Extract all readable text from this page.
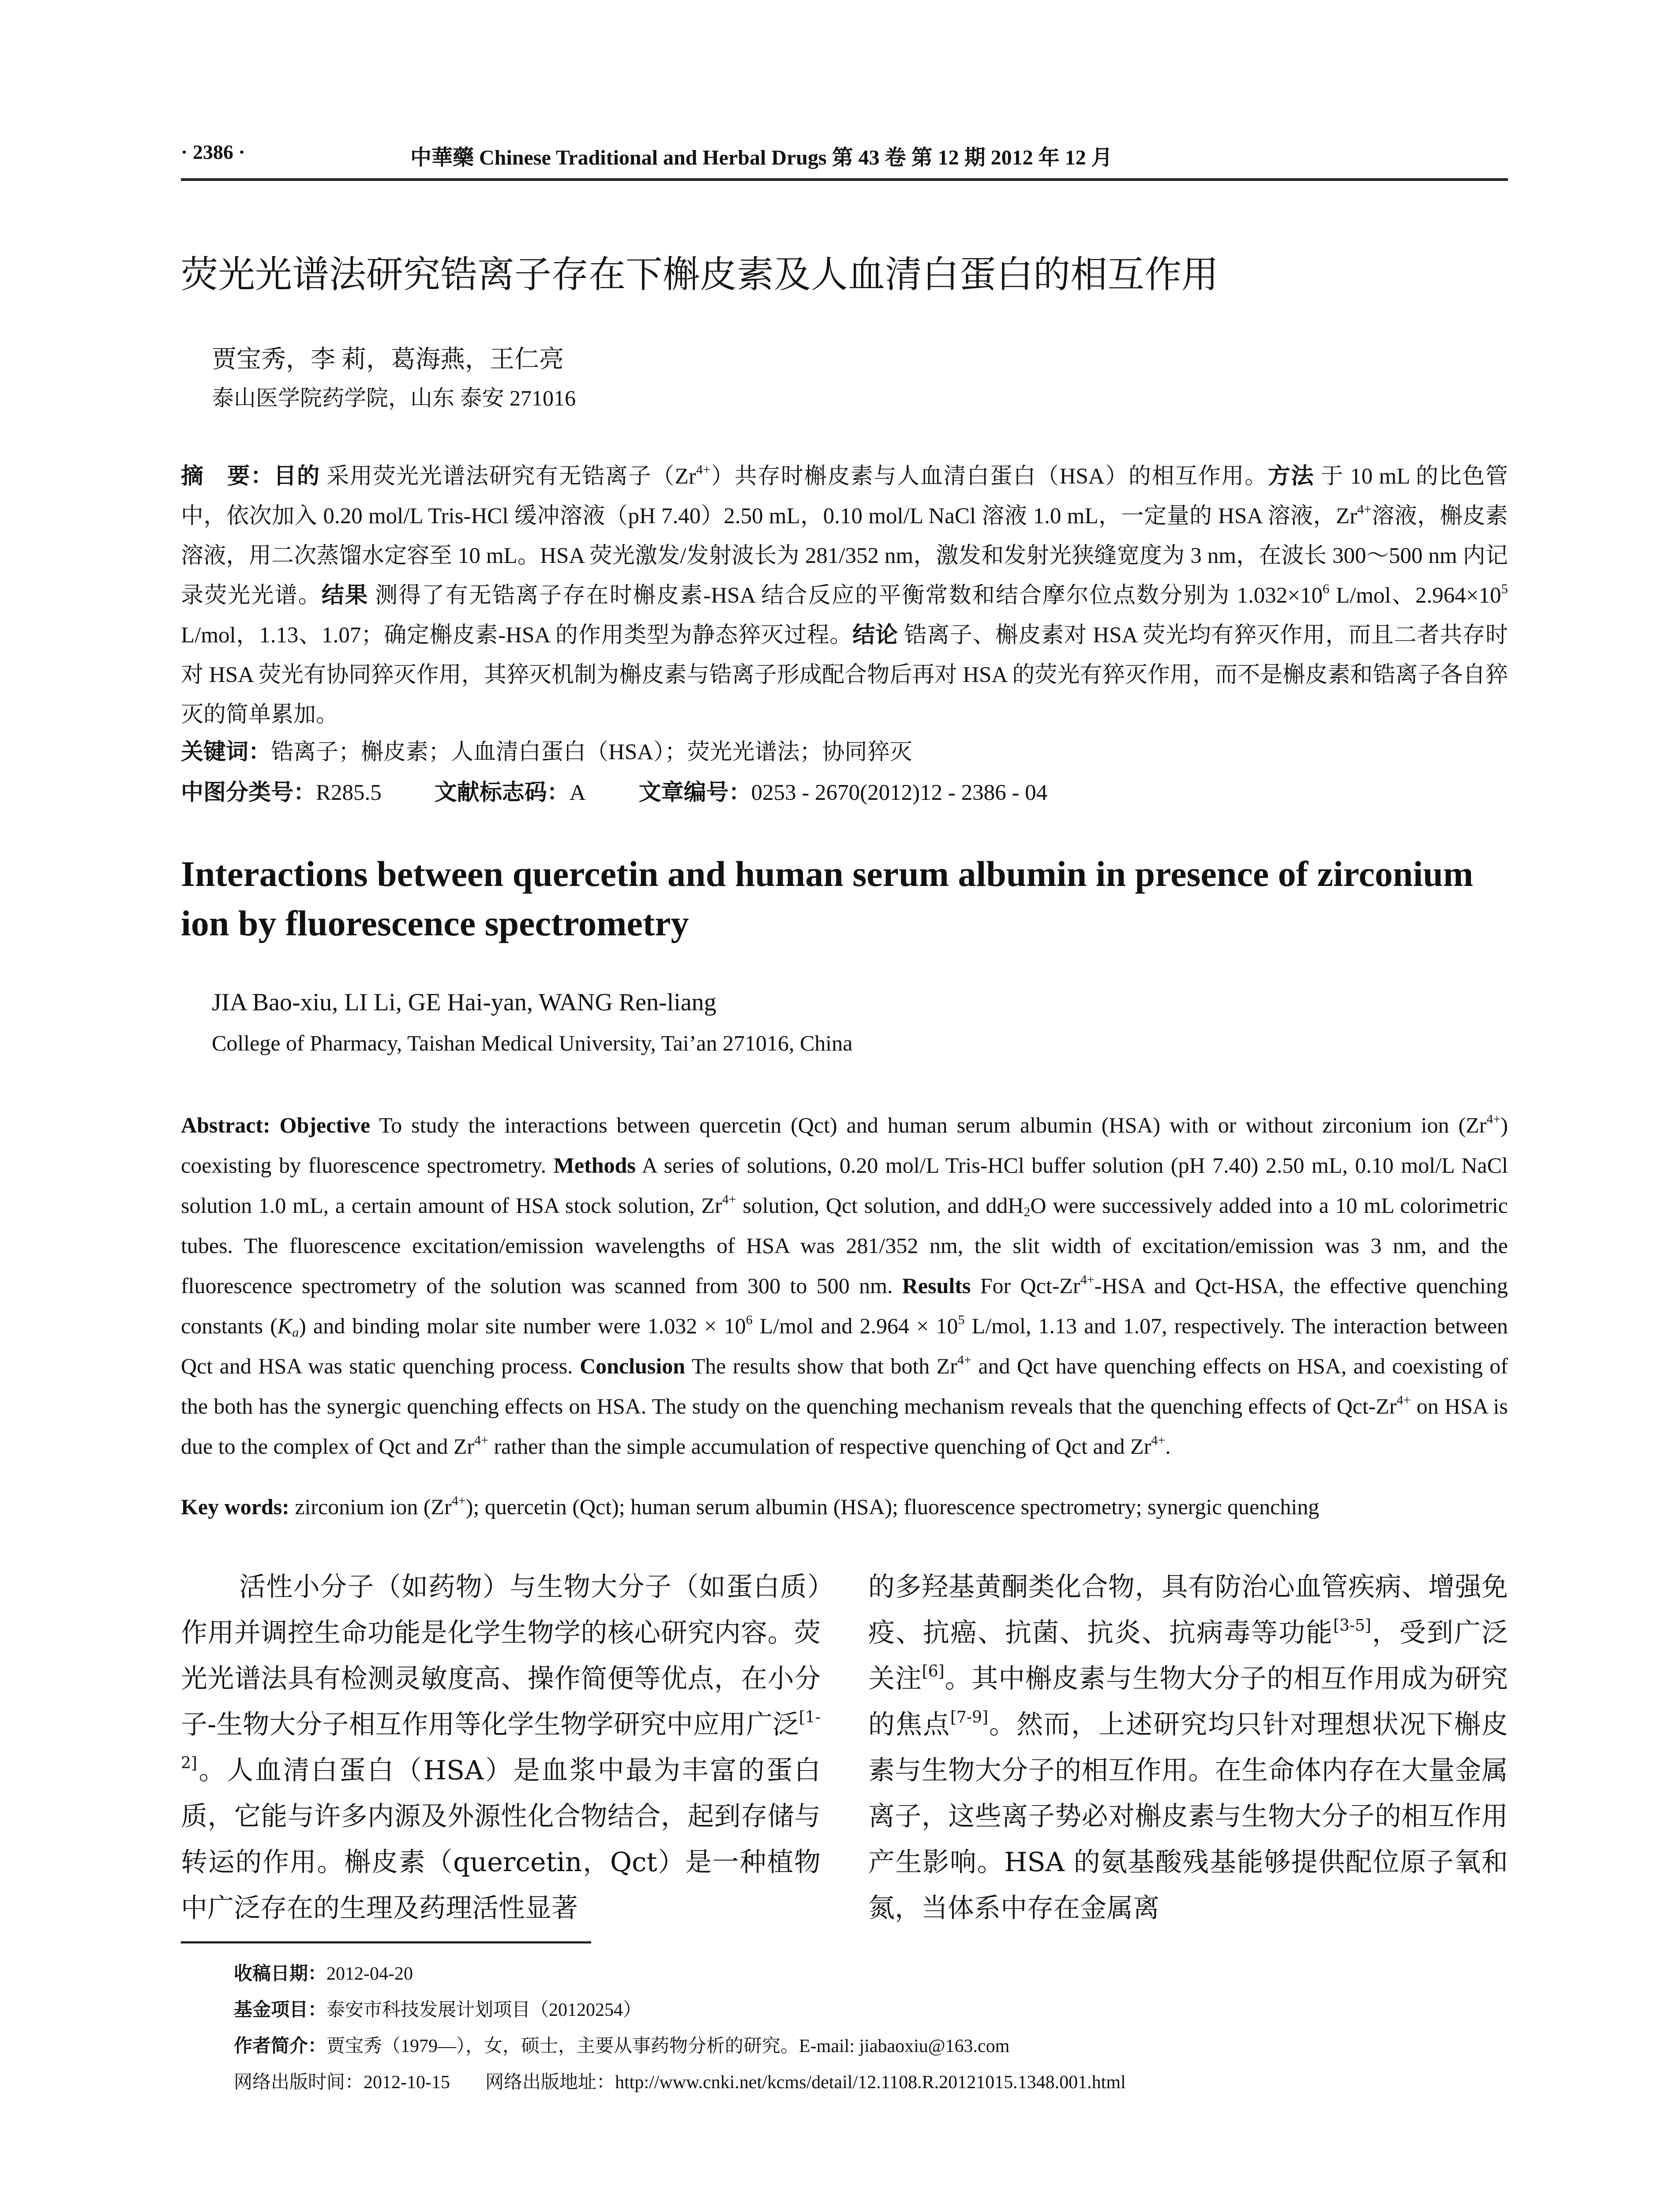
· 2386 ·	中華藥 Chinese Traditional and Herbal Drugs 第 43 卷 第 12 期 2012 年 12 月
荧光光谱法研究锆离子存在下槲皮素及人血清白蛋白的相互作用
贾宝秀，李 莉，葛海燕，王仁亮
泰山医学院药学院，山东 泰安 271016
摘　要：目的 采用荧光光谱法研究有无锆离子$(Zr^{4+})$共存时槲皮素与人血清白蛋白（HSA）的相互作用。方法 于 10 mL 的比色管中，依次加入 0.20 mol/L Tris-HCl 缓冲溶液（pH 7.40）2.50 mL，0.10 mol/L NaCl 溶液 1.0 mL，一定量的 HSA 溶液，$Zr^{4+}$溶液，槲皮素溶液，用二次蒸馏水定容至 10 mL。HSA 荧光激发/发射波长为 281/352 nm，激发和发射光狭缝宽度为 3 nm，在波长 300～500 nm 内记录荧光光谱。结果 测得了有无锆离子存在时槲皮素-HSA 结合反应的平衡常数和结合摩尔位点数分别为 $1.032\times 10^6$ L/mol、$2.964\times 10^5$ L/mol，1.13、1.07；确定槲皮素-HSA 的作用类型为静态猝灭过程。结论 锆离子、槲皮素对 HSA 荧光均有猝灭作用，而且二者共存时对 HSA 荧光有协同猝灭作用，其猝灭机制为槲皮素与锆离子形成配合物后再对 HSA 的荧光有猝灭作用，而不是槲皮素和锆离子各自猝灭的简单累加。
关键词：锆离子；槲皮素；人血清白蛋白（HSA）；荧光光谱法；协同猝灭
中图分类号：R285.5 文献标志码：A 文章编号：0253 - 2670(2012)12 - 2386 - 04
Interactions between quercetin and human serum albumin in presence of zirconium ion by fluorescence spectrometry
JIA Bao-xiu, LI Li, GE Hai-yan, WANG Ren-liang
College of Pharmacy, Taishan Medical University, Tai’an 271016, China
Abstract: Objective To study the interactions between quercetin (Qct) and human serum albumin (HSA) with or without zirconium ion $(Zr^{4+})$ coexisting by fluorescence spectrometry. Methods A series of solutions, 0.20 mol/L Tris-HCl buffer solution (pH 7.40) 2.50 mL, 0.10 mol/L NaCl solution 1.0 mL, a certain amount of HSA stock solution, $Zr^{4+}$ solution, Qct solution, and ddH$_2$O were successively added into a 10 mL colorimetric tubes. The fluorescence excitation/emission wavelengths of HSA was 281/352 nm, the slit width of excitation/emission was 3 nm, and the fluorescence spectrometry of the solution was scanned from 300 to 500 nm. Results For Qct-$Zr^{4+}$-HSA and Qct-HSA, the effective quenching constants $(K_a)$ and binding molar site number were $1.032 \times 10^6$ L/mol and $2.964 \times 10^5$ L/mol, 1.13 and 1.07, respectively. The interaction between Qct and HSA was static quenching process. Conclusion The results show that both $Zr^{4+}$ and Qct have quenching effects on HSA, and coexisting of the both has the synergic quenching effects on HSA. The study on the quenching mechanism reveals that the quenching effects of Qct-$Zr^{4+}$ on HSA is due to the complex of Qct and $Zr^{4+}$ rather than the simple accumulation of respective quenching of Qct and $Zr^{4+}$.
Key words: zirconium ion $(Zr^{4+})$; quercetin (Qct); human serum albumin (HSA); fluorescence spectrometry; synergic quenching
活性小分子（如药物）与生物大分子（如蛋白质）作用并调控生命功能是化学生物学的核心研究内容。荧光光谱法具有检测灵敏度高、操作简便等优点，在小分子-生物大分子相互作用等化学生物学研究中应用广泛[1-2]。人血清白蛋白（HSA）是血浆中最为丰富的蛋白质，它能与许多内源及外源性化合物结合，起到存储与转运的作用。槲皮素（quercetin，Qct）是一种植物中广泛存在的生理及药理活性显著
的多羟基黄酮类化合物，具有防治心血管疾病、增强免疫、抗癌、抗菌、抗炎、抗病毒等功能[3-5]，受到广泛关注[6]。其中槲皮素与生物大分子的相互作用成为研究的焦点[7-9]。然而，上述研究均只针对理想状况下槲皮素与生物大分子的相互作用。在生命体内存在大量金属离子，这些离子势必对槲皮素与生物大分子的相互作用产生影响。HSA 的氨基酸残基能够提供配位原子氧和氮，当体系中存在金属离
收稿日期：2012-04-20
基金项目：泰安市科技发展计划项目（20120254）
作者简介：贾宝秀（1979—），女，硕士，主要从事药物分析的研究。E-mail: jiabaoxiu@163.com
网络出版时间：2012-10-15 网络出版地址：http://www.cnki.net/kcms/detail/12.1108.R.20121015.1348.001.html
